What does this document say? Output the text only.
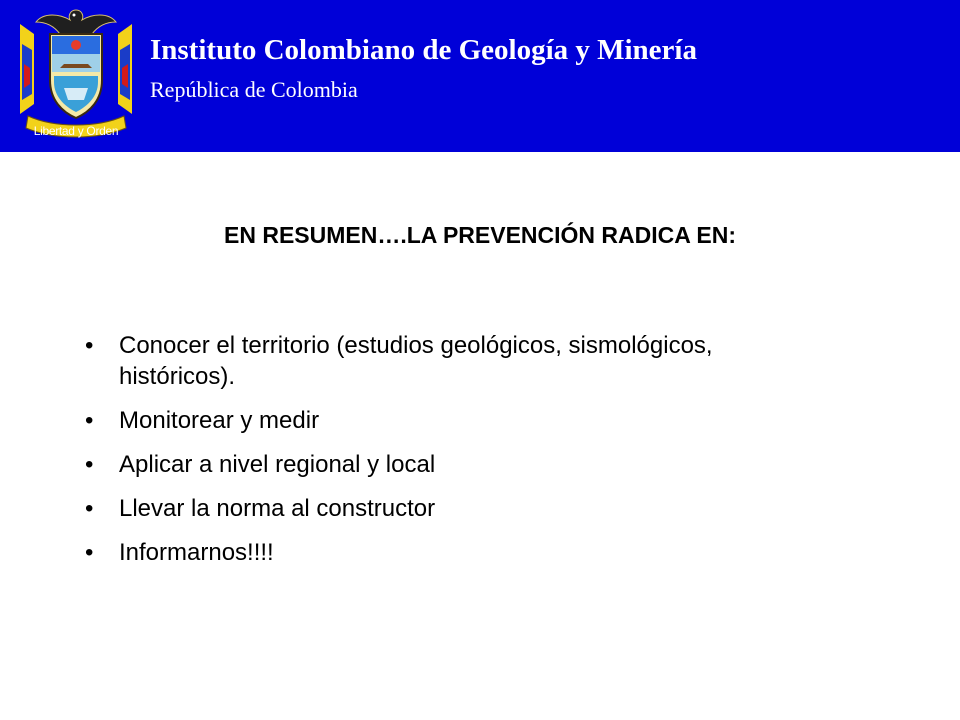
Libertad y Orden
Instituto Colombiano de Geología y Minería
República de Colombia
EN RESUMEN….LA PREVENCIÓN RADICA EN:
• Conocer el territorio (estudios geológicos, sismológicos, históricos).
• Monitorear y medir
• Aplicar a nivel regional y local
• Llevar la norma al constructor
• Informarnos!!!!
